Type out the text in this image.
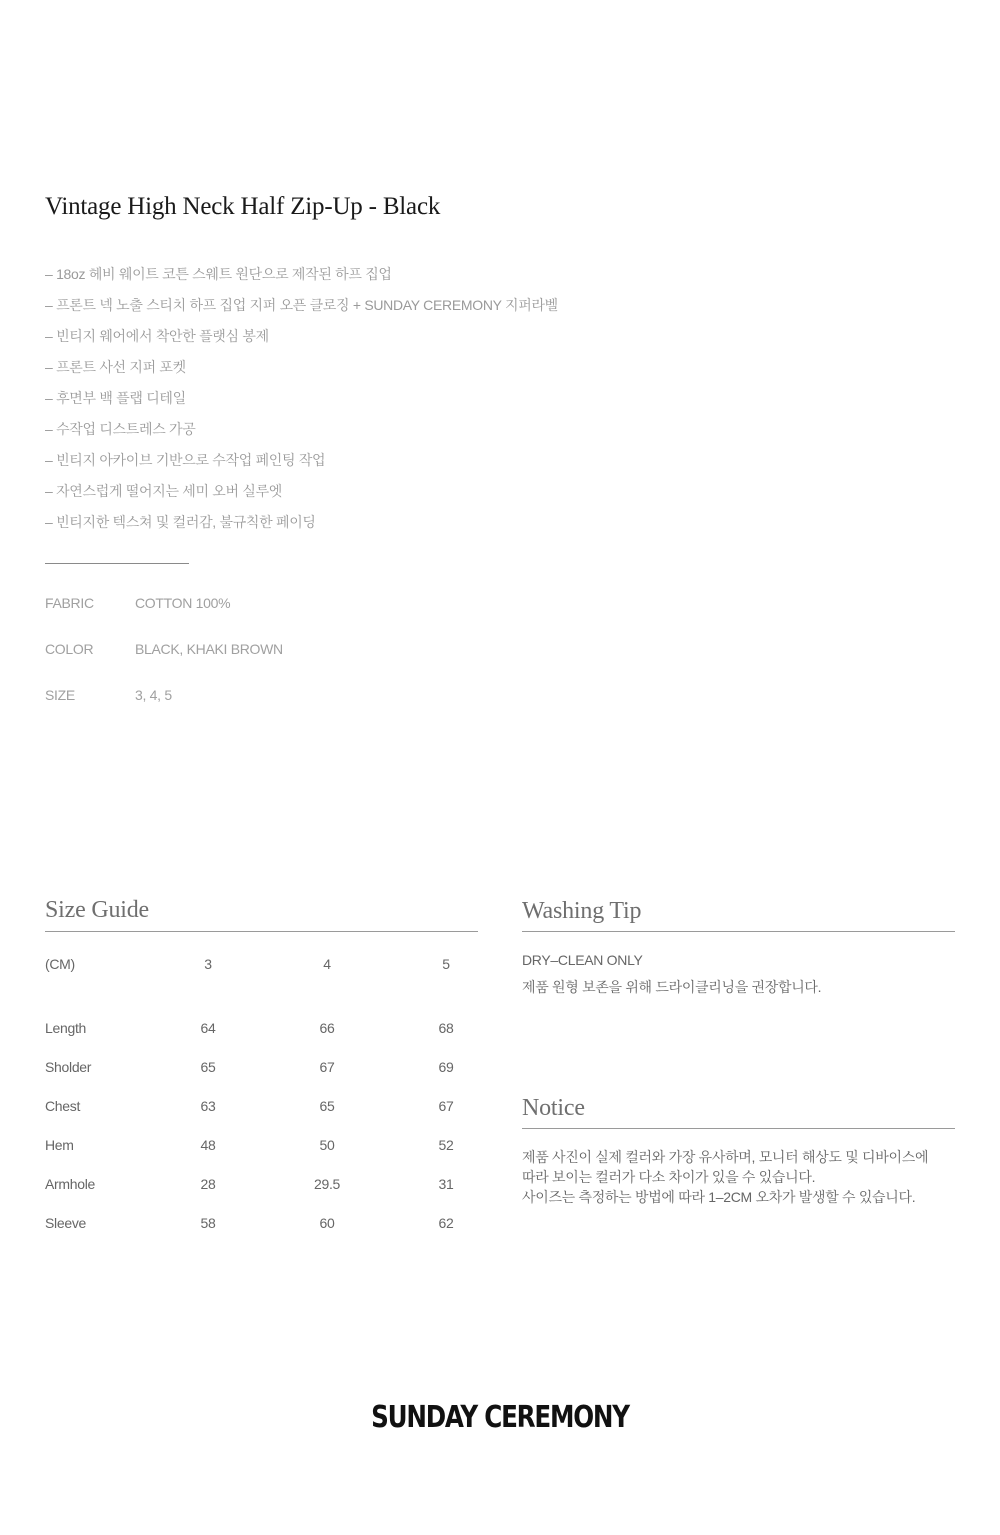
Vintage High Neck Half Zip-Up - Black
– 18oz 헤비 웨이트 코튼 스웨트 원단으로 제작된 하프 집업
– 프론트 넥 노출 스티치 하프 집업 지퍼 오픈 클로징 + SUNDAY CEREMONY 지퍼라벨
– 빈티지 웨어에서 착안한 플랫심 봉제
– 프론트 사선 지퍼 포켓
– 후면부 백 플랩 디테일
– 수작업 디스트레스 가공
– 빈티지 아카이브 기반으로 수작업 페인팅 작업
– 자연스럽게 떨어지는 세미 오버 실루엣
– 빈티지한 텍스쳐 및 컬러감, 불규칙한 페이딩
FABRIC	COTTON 100%
COLOR	BLACK, KHAKI BROWN
SIZE	3, 4, 5
Size Guide
(CM)	3	4	5
Length	64	66	68
Sholder	65	67	69
Chest	63	65	67
Hem	48	50	52
Armhole	28	29.5	31
Sleeve	58	60	62
Washing Tip
DRY–CLEAN ONLY
제품 원형 보존을 위해 드라이클리닝을 권장합니다.
Notice
제품 사진이 실제 컬러와 가장 유사하며, 모니터 해상도 및 디바이스에
따라 보이는 컬러가 다소 차이가 있을 수 있습니다.
사이즈는 측정하는 방법에 따라 1–2CM 오차가 발생할 수 있습니다.
SUNDAY CEREMONY
